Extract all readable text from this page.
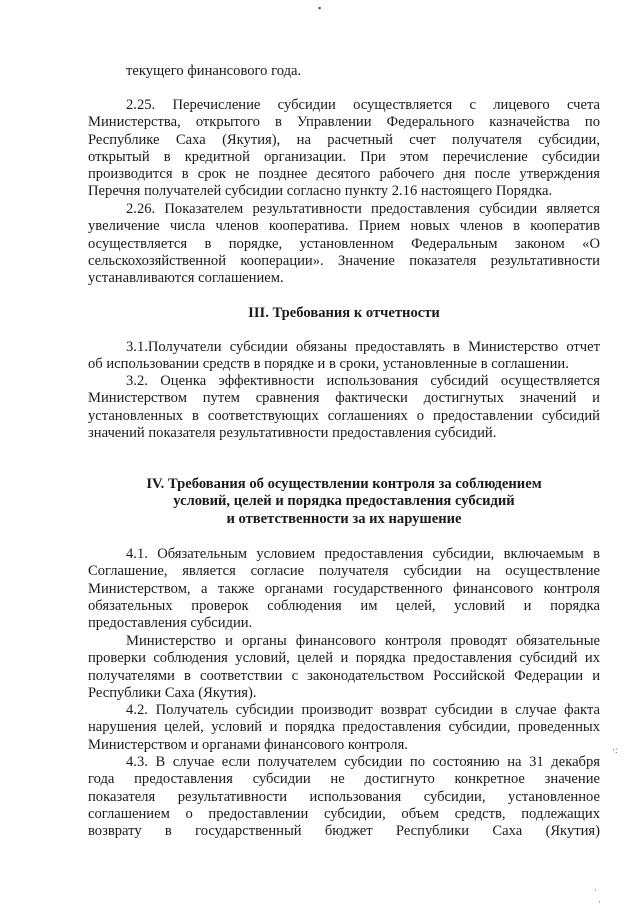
текущего финансового года.

2.25. Перечисление субсидии осуществляется с лицевого счета

Министерства, открытого в Управлении Федерального казначейства по

Республике Саха (Якутия), на расчетный счет получателя субсидии,

открытый в кредитной организации. При этом перечисление субсидии

производится в срок не позднее десятого рабочего дня после утверждения

Перечня получателей субсидии согласно пункту 2.16 настоящего Порядка.

2.26. Показателем результативности предоставления субсидии является

увеличение числа членов кооператива. Прием новых членов в кооператив

осуществляется в порядке, установленном Федеральным законом «О

сельскохозяйственной кооперации». Значение показателя результативности

устанавливаются соглашением.

III. Требования к отчетности

3.1.Получатели субсидии обязаны предоставлять в Министерство отчет

об использовании средств в порядке и в сроки, установленные в соглашении.

3.2. Оценка эффективности использования субсидий осуществляется

Министерством путем сравнения фактически достигнутых значений и

установленных в соответствующих соглашениях о предоставлении субсидий

значений показателя результативности предоставления субсидий.

IV. Требования об осуществлении контроля за соблюдением
условий, целей и порядка предоставления субсидий
и ответственности за их нарушение

4.1. Обязательным условием предоставления субсидии, включаемым в

Соглашение, является согласие получателя субсидии на осуществление

Министерством, а также органами государственного финансового контроля

обязательных проверок соблюдения им целей, условий и порядка

предоставления субсидии.

Министерство и органы финансового контроля проводят обязательные

проверки соблюдения условий, целей и порядка предоставления субсидий их

получателями в соответствии с законодательством Российской Федерации и

Республики Саха (Якутия).

4.2. Получатель субсидии производит возврат субсидии в случае факта

нарушения целей, условий и порядка предоставления субсидии, проведенных

Министерством и органами финансового контроля.

4.3. В случае если получателем субсидии по состоянию на 31 декабря

года предоставления субсидии не достигнуто конкретное значение

показателя результативности использования субсидии, установленное

соглашением о предоставлении субсидии, объем средств, подлежащих

возврату в государственный бюджет Республики Саха (Якутия)

▪
·:
·
·
